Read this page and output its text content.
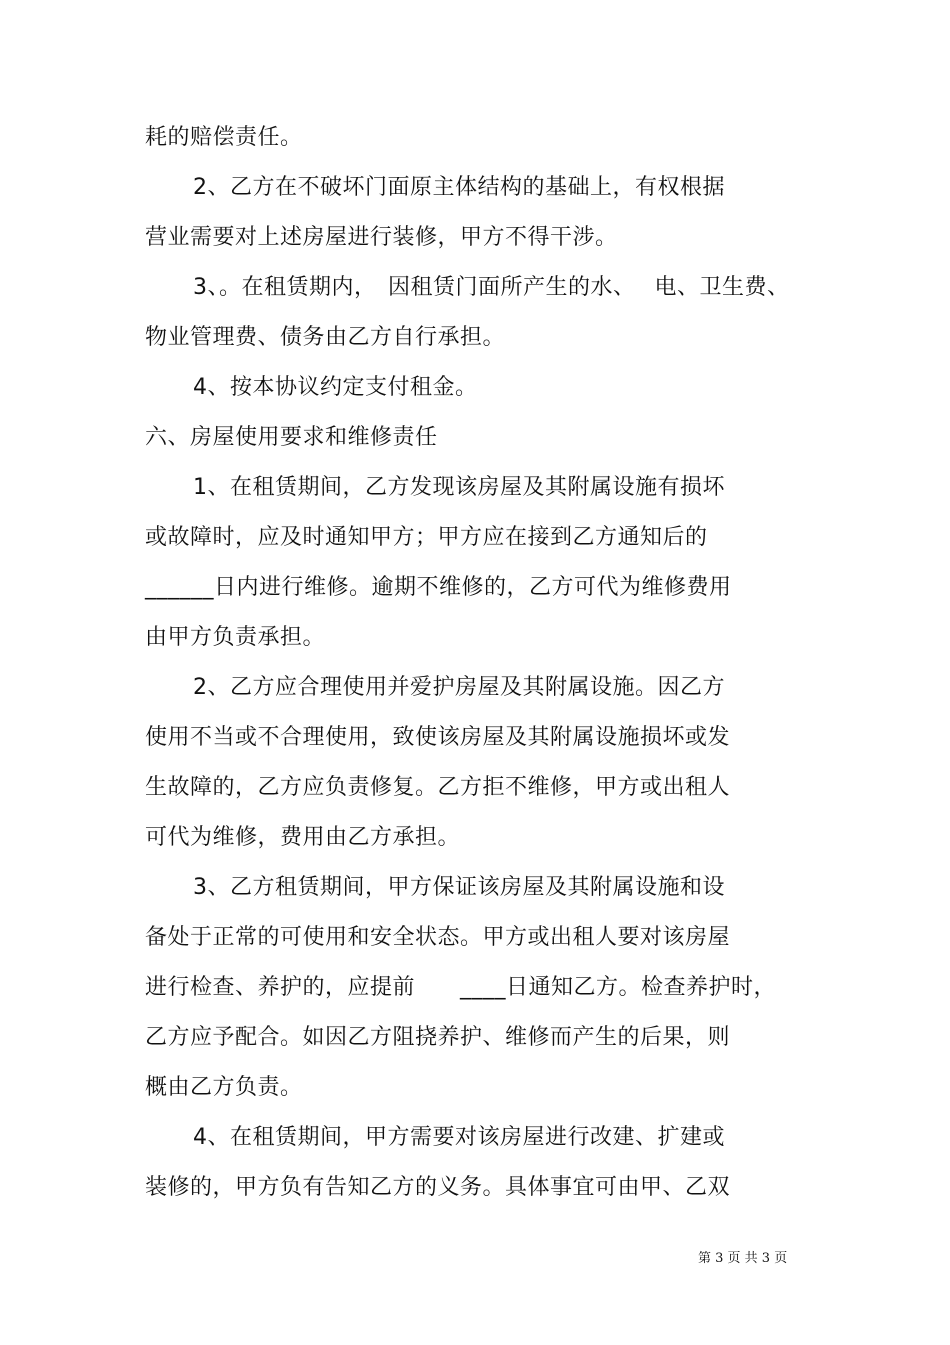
耗的赔偿责任。
2、乙方在不破坏门面原主体结构的基础上，有权根据
营业需要对上述房屋进行装修，甲方不得干涉。
3、。在租赁期内，　因租赁门面所产生的水、　 电、卫生费、
物业管理费、债务由乙方自行承担。
4、按本协议约定支付租金。
六、房屋使用要求和维修责任
1、在租赁期间，乙方发现该房屋及其附属设施有损坏
或故障时，应及时通知甲方；甲方应在接到乙方通知后的
______日内进行维修。逾期不维修的，乙方可代为维修费用
由甲方负责承担。
2、乙方应合理使用并爱护房屋及其附属设施。因乙方
使用不当或不合理使用，致使该房屋及其附属设施损坏或发
生故障的，乙方应负责修复。乙方拒不维修，甲方或出租人
可代为维修，费用由乙方承担。
3、乙方租赁期间，甲方保证该房屋及其附属设施和设
备处于正常的可使用和安全状态。甲方或出租人要对该房屋
进行检查、养护的，应提前　　____日通知乙方。检查养护时，
乙方应予配合。如因乙方阻挠养护、维修而产生的后果，则
概由乙方负责。
4、在租赁期间，甲方需要对该房屋进行改建、扩建或
装修的，甲方负有告知乙方的义务。具体事宜可由甲、乙双
第 3 页 共 3 页
